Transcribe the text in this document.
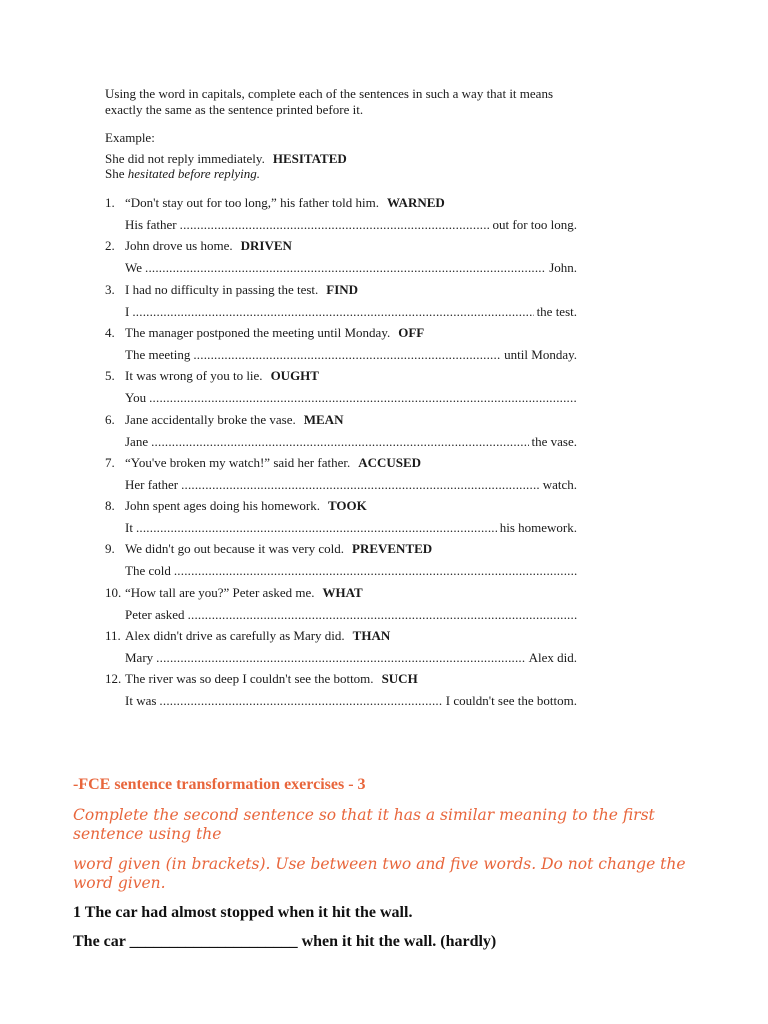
Using the word in capitals, complete each of the sentences in such a way that it means exactly the same as the sentence printed before it.
Example:
She did not reply immediately. HESITATED
She hesitated before replying.
1. “Don't stay out for too long,” his father told him. WARNED
His father .....	out for too long.
2. John drove us home. DRIVEN
We .....	John.
3. I had no difficulty in passing the test. FIND
I .....	the test.
4. The manager postponed the meeting until Monday. OFF
The meeting .....	until Monday.
5. It was wrong of you to lie. OUGHT
You
.....
6. Jane accidentally broke the vase. MEAN
Jane .....	the vase.
7. “You've broken my watch!” said her father. ACCUSED
Her father .....	watch.
8. John spent ages doing his homework. TOOK
It .....	his homework.
9. We didn't go out because it was very cold. PREVENTED
The cold
.....
10. “How tall are you?” Peter asked me. WHAT
Peter asked
.....
11. Alex didn't drive as carefully as Mary did. THAN
Mary .....	Alex did.
12. The river was so deep I couldn't see the bottom. SUCH
It was .....	I couldn't see the bottom.
-FCE sentence transformation exercises - 3
Complete the second sentence so that it has a similar meaning to the first sentence using the
word given (in brackets). Use between two and five words. Do not change the word given.
1 The car had almost stopped when it hit the wall.
The car _____________________ when it hit the wall. (hardly)
